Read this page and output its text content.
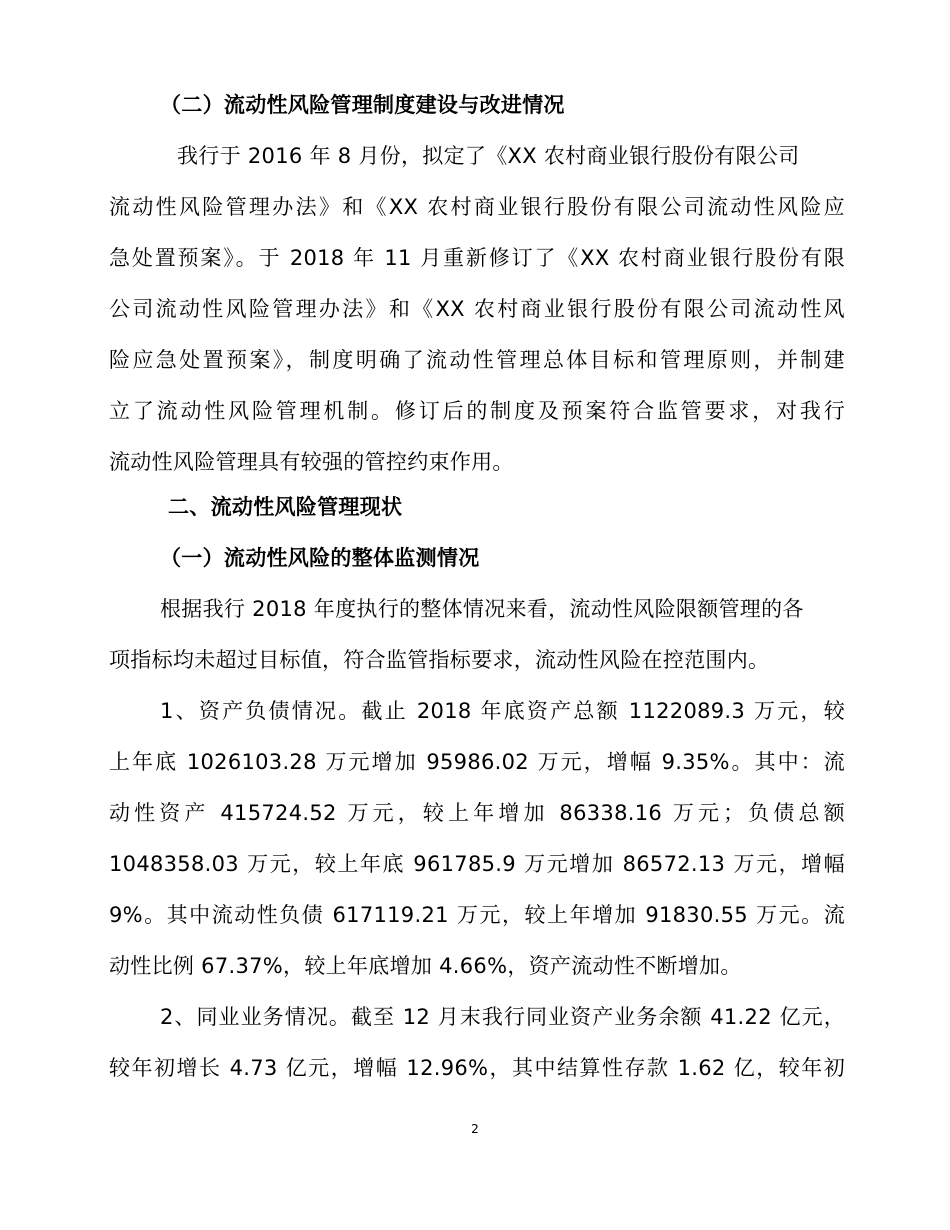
（二）流动性风险管理制度建设与改进情况
我行于 2016 年 8 月份，拟定了《XX 农村商业银行股份有限公司
流动性风险管理办法》和《XX 农村商业银行股份有限公司流动性风险应
急处置预案》。于 2018 年 11 月重新修订了《XX 农村商业银行股份有限
公司流动性风险管理办法》和《XX 农村商业银行股份有限公司流动性风
险应急处置预案》，制度明确了流动性管理总体目标和管理原则，并制建
立了流动性风险管理机制。修订后的制度及预案符合监管要求，对我行
流动性风险管理具有较强的管控约束作用。
二、流动性风险管理现状
（一）流动性风险的整体监测情况
根据我行 2018 年度执行的整体情况来看，流动性风险限额管理的各
项指标均未超过目标值，符合监管指标要求，流动性风险在控范围内。
1、资产负债情况。截止 2018 年底资产总额 1122089.3 万元，较
上年底 1026103.28 万元增加 95986.02 万元，增幅 9.35%。其中：流
动性资产 415724.52 万元，较上年增加 86338.16 万元；负债总额
1048358.03 万元，较上年底 961785.9 万元增加 86572.13 万元，增幅
9%。其中流动性负债 617119.21 万元，较上年增加 91830.55 万元。流
动性比例 67.37%，较上年底增加 4.66%，资产流动性不断增加。
2、同业业务情况。截至 12 月末我行同业资产业务余额 41.22 亿元，
较年初增长 4.73 亿元，增幅 12.96%，其中结算性存款 1.62 亿，较年初
2
